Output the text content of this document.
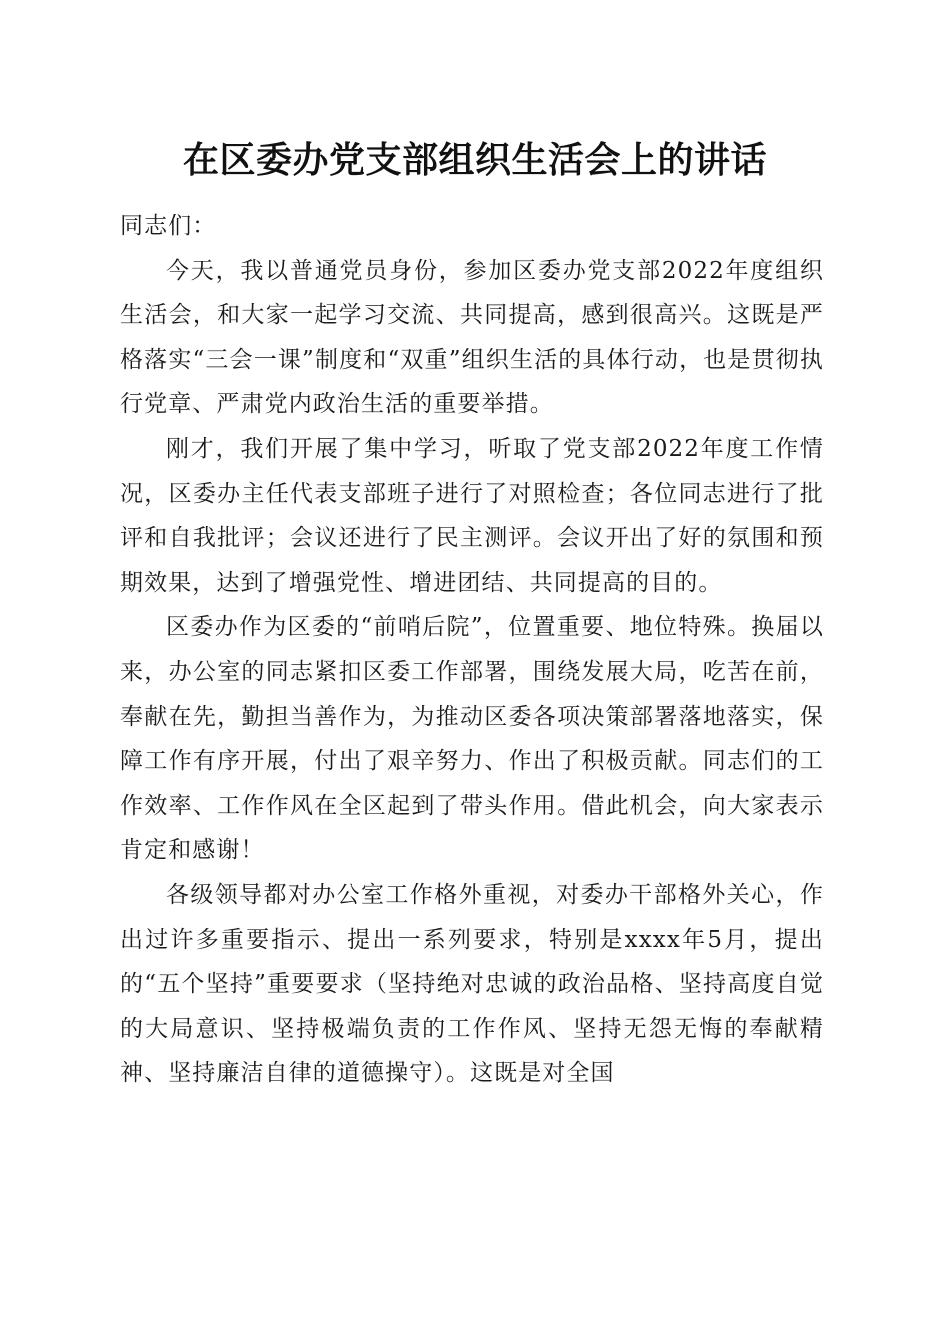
在区委办党支部组织生活会上的讲话

同志们：

今天，我以普通党员身份，参加区委办党支部2022年度组织生活会，和大家一起学习交流、共同提高，感到很高兴。这既是严格落实“三会一课”制度和“双重”组织生活的具体行动，也是贯彻执行党章、严肃党内政治生活的重要举措。

刚才，我们开展了集中学习，听取了党支部2022年度工作情况，区委办主任代表支部班子进行了对照检查；各位同志进行了批评和自我批评；会议还进行了民主测评。会议开出了好的氛围和预期效果，达到了增强党性、增进团结、共同提高的目的。

区委办作为区委的“前哨后院”，位置重要、地位特殊。换届以来，办公室的同志紧扣区委工作部署，围绕发展大局，吃苦在前，奉献在先，勤担当善作为，为推动区委各项决策部署落地落实，保障工作有序开展，付出了艰辛努力、作出了积极贡献。同志们的工作效率、工作作风在全区起到了带头作用。借此机会，向大家表示肯定和感谢！

各级领导都对办公室工作格外重视，对委办干部格外关心，作出过许多重要指示、提出一系列要求，特别是xxxx年5月，提出的“五个坚持”重要要求（坚持绝对忠诚的政治品格、坚持高度自觉的大局意识、坚持极端负责的工作作风、坚持无怨无悔的奉献精神、坚持廉洁自律的道德操守）。这既是对全国
